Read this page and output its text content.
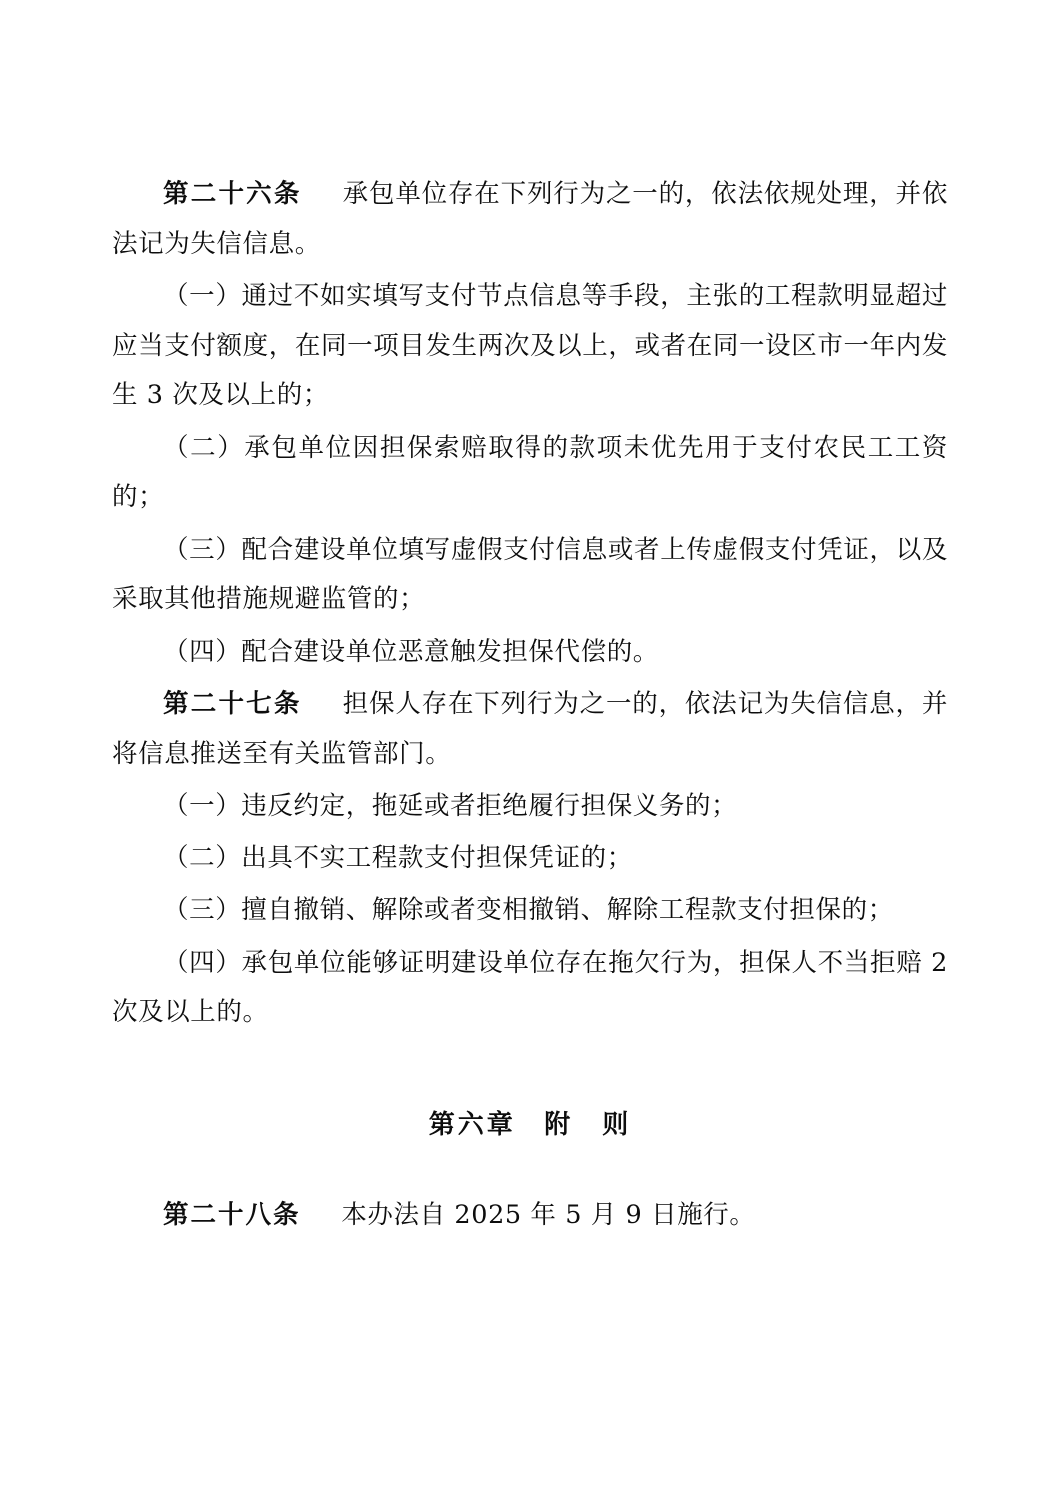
第二十六条 承包单位存在下列行为之一的，依法依规处理，并依法记为失信信息。

（一）通过不如实填写支付节点信息等手段，主张的工程款明显超过应当支付额度，在同一项目发生两次及以上，或者在同一设区市一年内发生 3 次及以上的；

（二）承包单位因担保索赔取得的款项未优先用于支付农民工工资的；

（三）配合建设单位填写虚假支付信息或者上传虚假支付凭证，以及采取其他措施规避监管的；

（四）配合建设单位恶意触发担保代偿的。

第二十七条 担保人存在下列行为之一的，依法记为失信信息，并将信息推送至有关监管部门。

（一）违反约定，拖延或者拒绝履行担保义务的；

（二）出具不实工程款支付担保凭证的；

（三）擅自撤销、解除或者变相撤销、解除工程款支付担保的；

（四）承包单位能够证明建设单位存在拖欠行为，担保人不当拒赔 2 次及以上的。

第六章 附　则

第二十八条 本办法自 2025 年 5 月 9 日施行。
